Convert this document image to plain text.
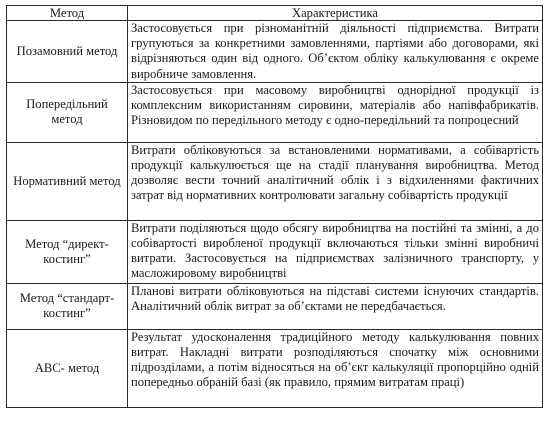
Метод	Характеристика
Позамовний метод	Застосовується при різноманітній діяльності підприємства. Витрати групуються за конкретними замовленнями, партіями або договорами, які відрізняються один від одного. Об’єктом обліку калькулювання є окреме виробниче замовлення.
Попередільний метод	Застосовується при масовому виробництві однорідної продукції із комплексним використанням сировини, матеріалів або напівфабрикатів. Різновидом по передільного методу є одно-передільний та попроцесний
Нормативний метод	Витрати обліковуються за встановленими нормативами, а собівартість продукції калькулюється ще на стадії планування виробництва. Метод дозволяє вести точний аналітичний облік і з відхиленнями фактичних затрат від нормативних контролювати загальну собівартість продукції
Метод “директ-костинг”	Витрати поділяються щодо обсягу виробництва на постійні та змінні, а до собівартості виробленої продукції включаються тільки змінні виробничі витрати. Застосовується на підприємствах залізничного транспорту, у масложировому виробництві
Метод “стандарт-костинг”	Планові витрати обліковуються на підставі системи існуючих стандартів. Аналітичний облік витрат за об’єктами не передбачається.
АВС- метод	Результат удосконалення традиційного методу калькулювання повних витрат. Накладні витрати розподіляються спочатку між основними підрозділами, а потім відносяться на об’єкт калькуляції пропорційно одній попередньо обраній базі (як правило, прямим витратам праці)
